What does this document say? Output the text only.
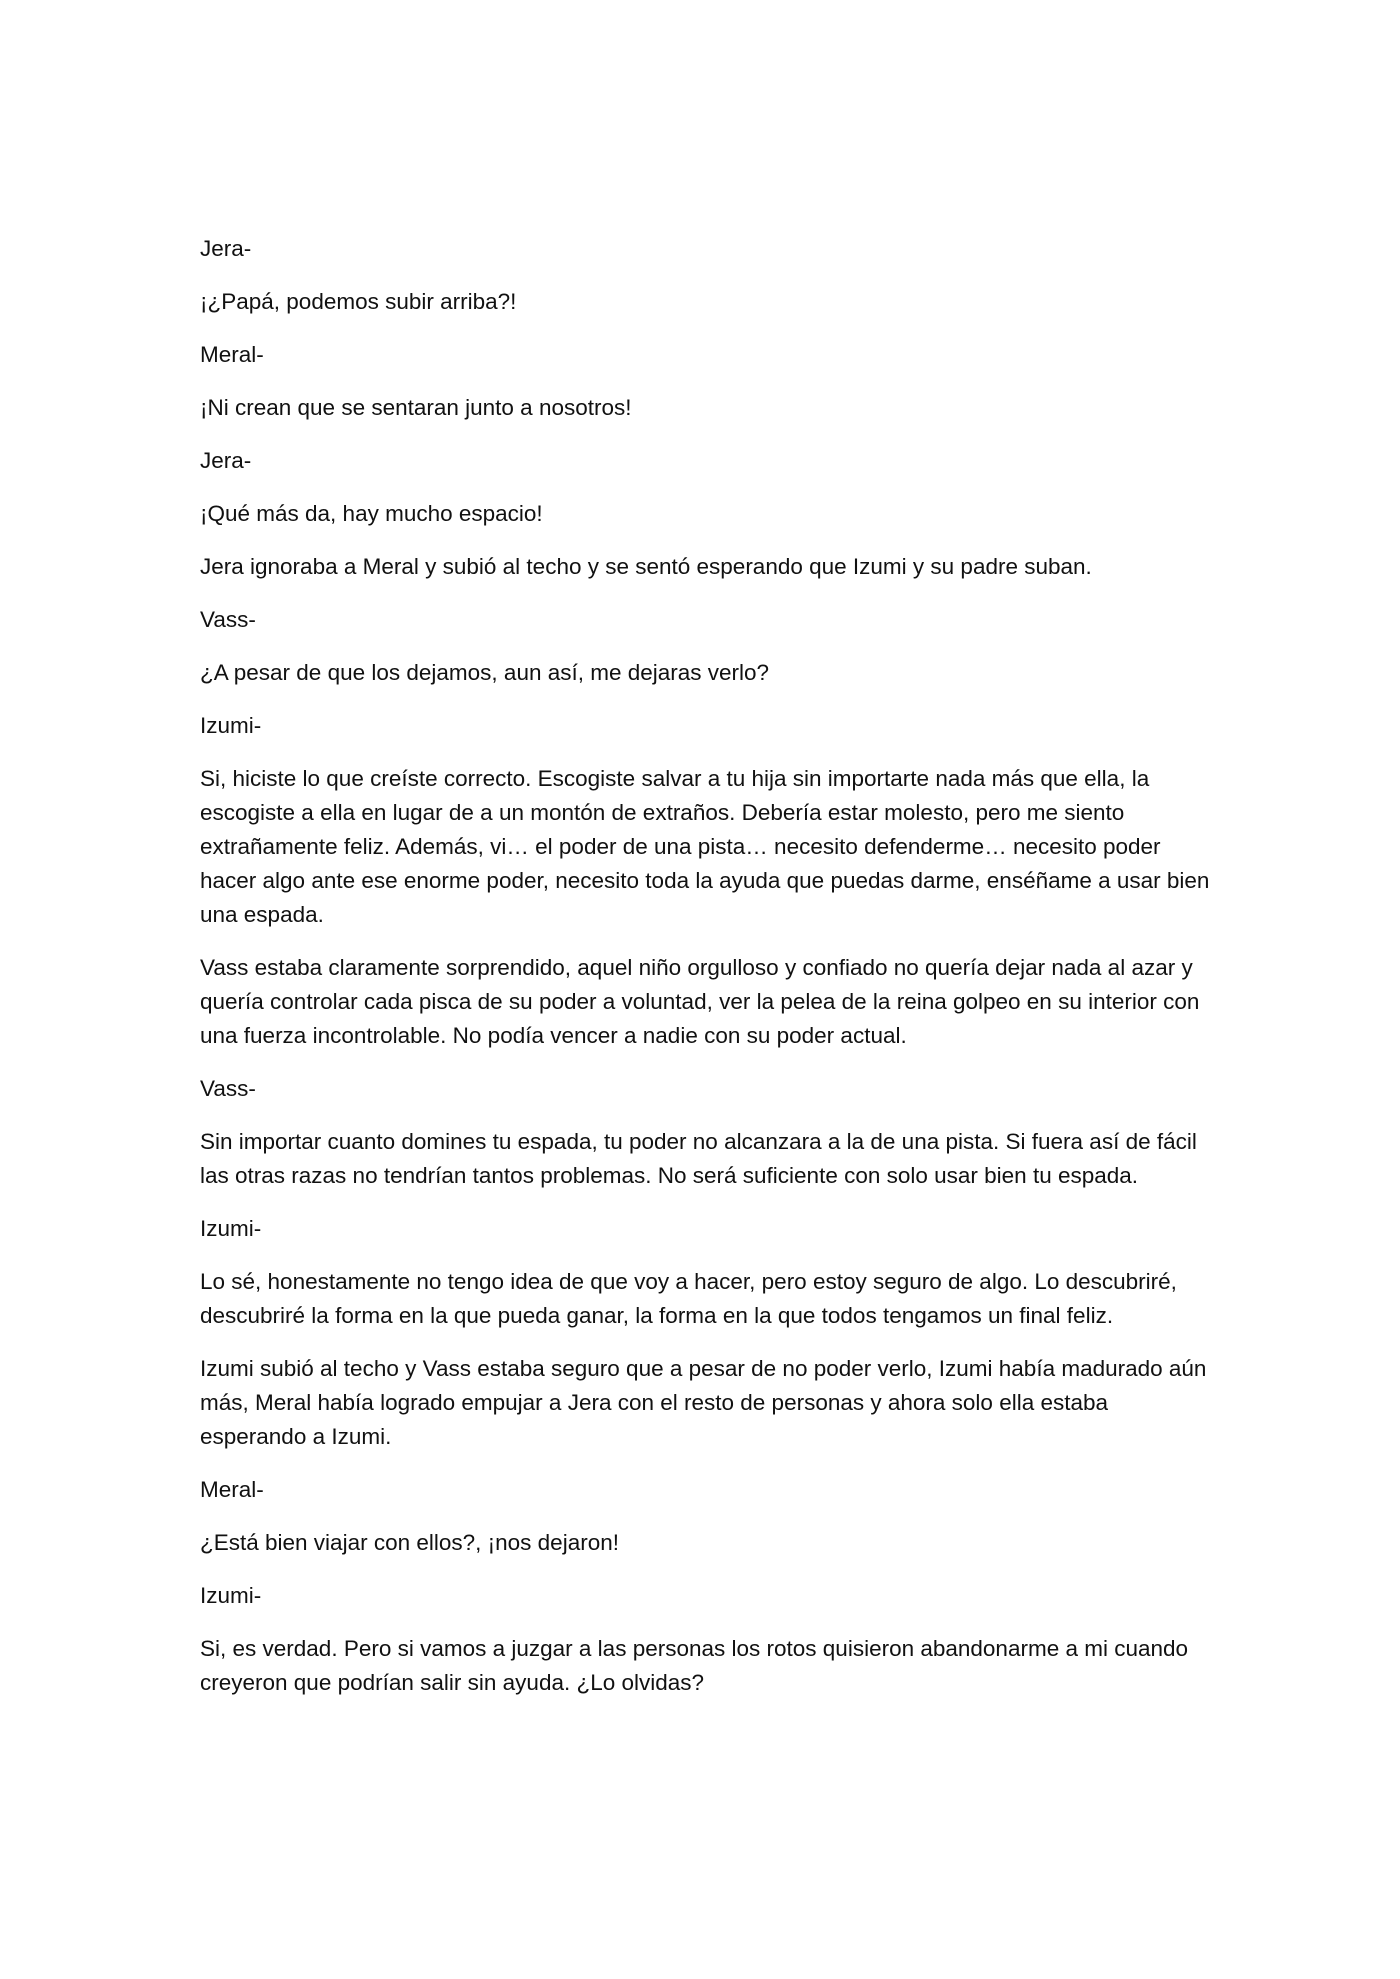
Jera-

¡¿Papá, podemos subir arriba?!

Meral-

¡Ni crean que se sentaran junto a nosotros!

Jera-

¡Qué más da, hay mucho espacio!

Jera ignoraba a Meral y subió al techo y se sentó esperando que Izumi y su padre suban.

Vass-

¿A pesar de que los dejamos, aun así, me dejaras verlo?

Izumi-

Si, hiciste lo que creíste correcto. Escogiste salvar a tu hija sin importarte nada más que ella, la escogiste a ella en lugar de a un montón de extraños. Debería estar molesto, pero me siento extrañamente feliz. Además, vi… el poder de una pista… necesito defenderme… necesito poder hacer algo ante ese enorme poder, necesito toda la ayuda que puedas darme, enséñame a usar bien una espada.

Vass estaba claramente sorprendido, aquel niño orgulloso y confiado no quería dejar nada al azar y quería controlar cada pisca de su poder a voluntad, ver la pelea de la reina golpeo en su interior con una fuerza incontrolable. No podía vencer a nadie con su poder actual.

Vass-

Sin importar cuanto domines tu espada, tu poder no alcanzara a la de una pista. Si fuera así de fácil las otras razas no tendrían tantos problemas. No será suficiente con solo usar bien tu espada.

Izumi-

Lo sé, honestamente no tengo idea de que voy a hacer, pero estoy seguro de algo. Lo descubriré, descubriré la forma en la que pueda ganar, la forma en la que todos tengamos un final feliz.

Izumi subió al techo y Vass estaba seguro que a pesar de no poder verlo, Izumi había madurado aún más, Meral había logrado empujar a Jera con el resto de personas y ahora solo ella estaba esperando a Izumi.

Meral-

¿Está bien viajar con ellos?, ¡nos dejaron!

Izumi-

Si, es verdad. Pero si vamos a juzgar a las personas los rotos quisieron abandonarme a mi cuando creyeron que podrían salir sin ayuda. ¿Lo olvidas?
